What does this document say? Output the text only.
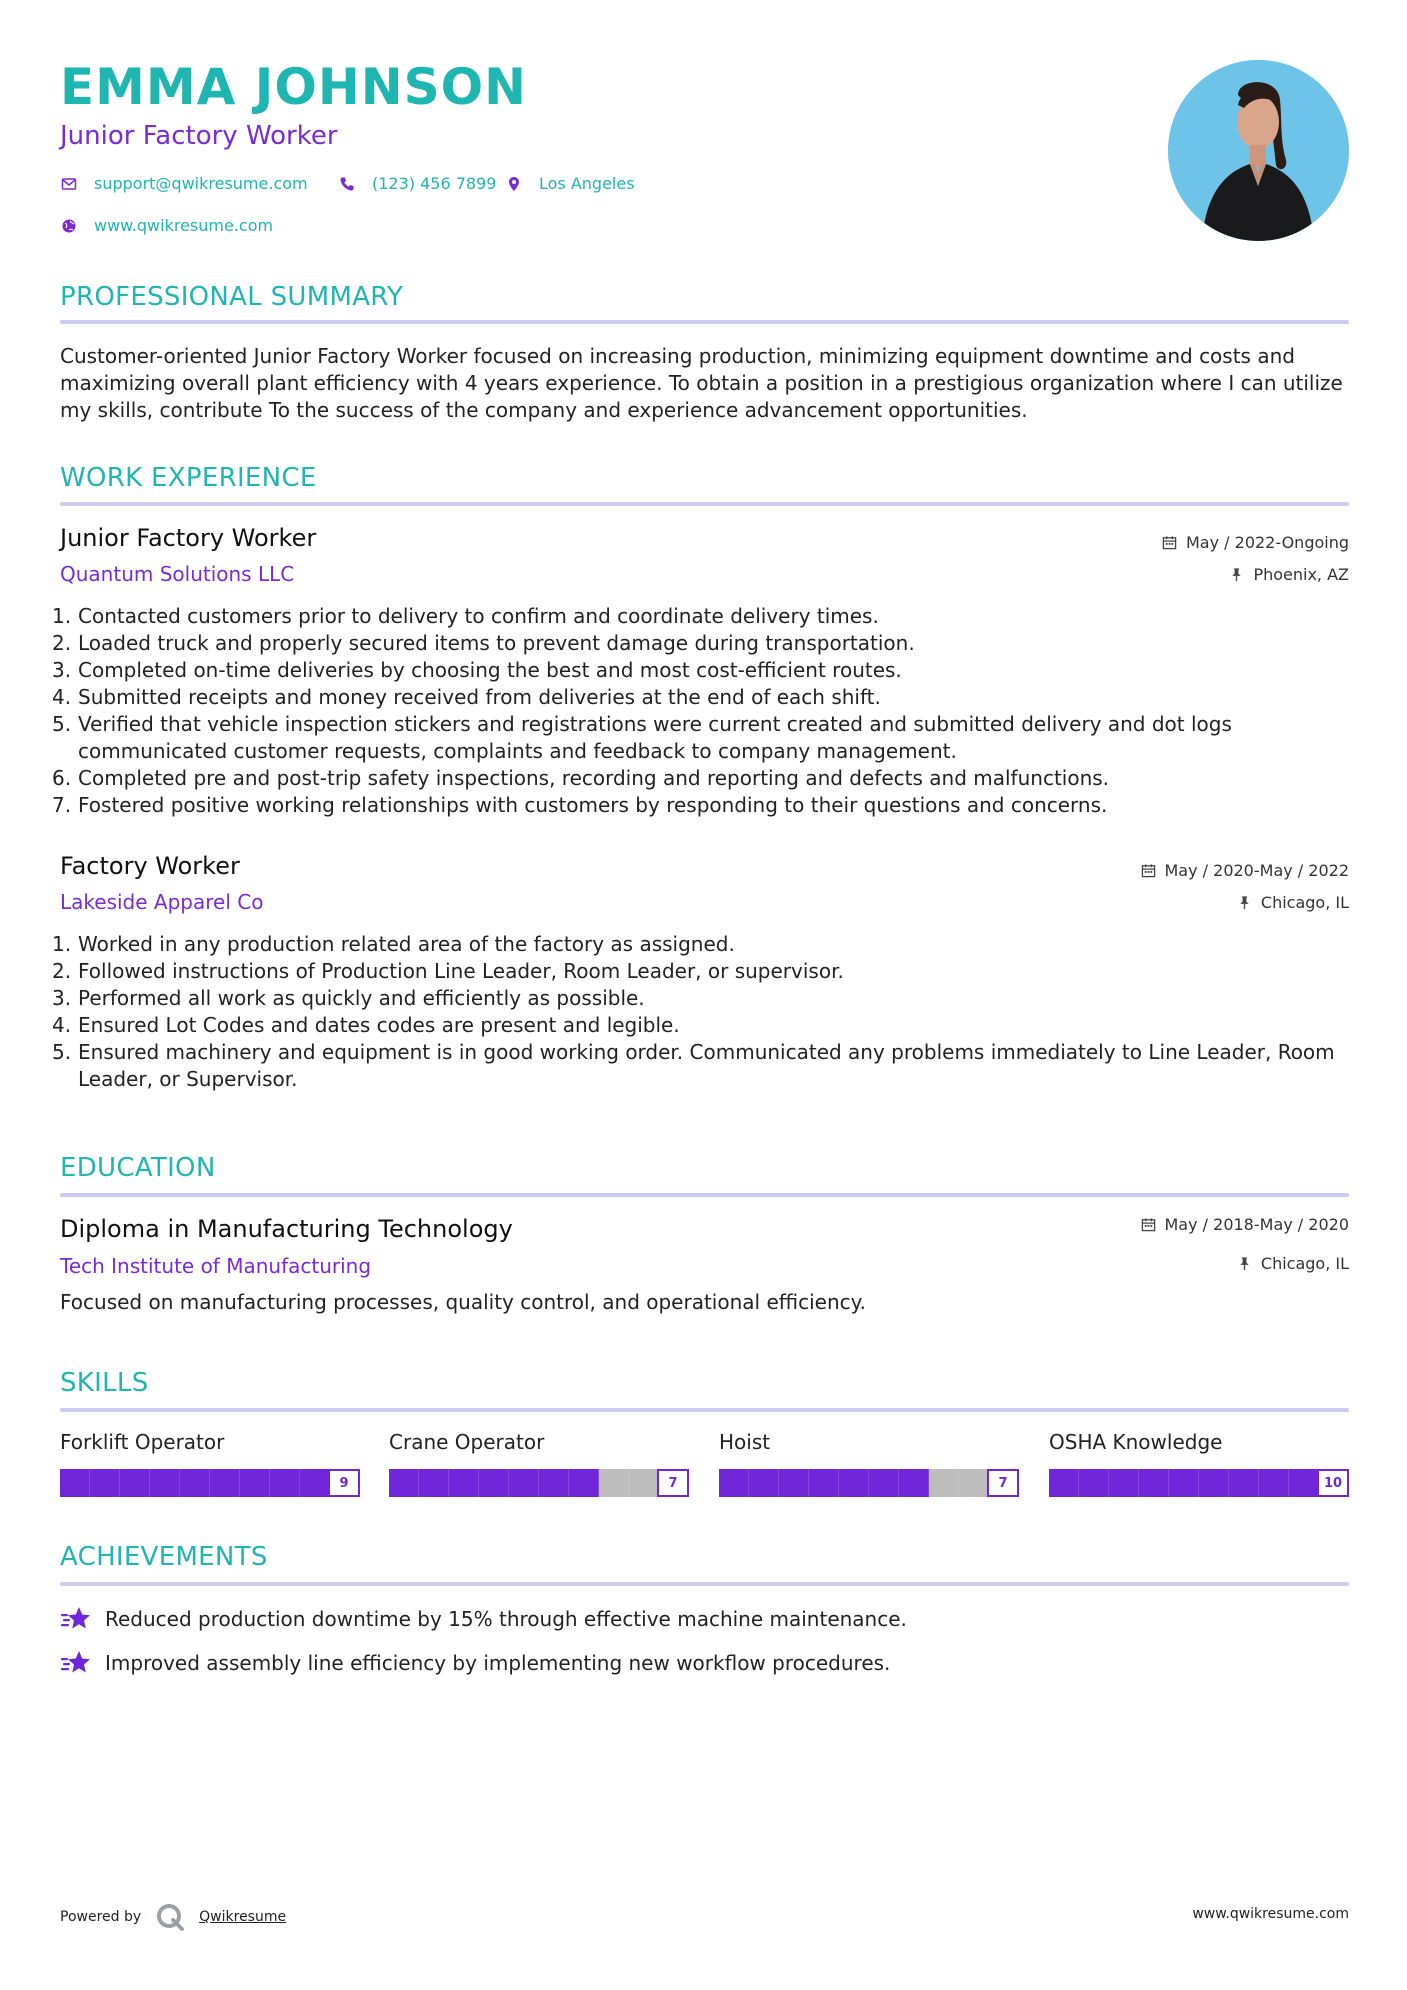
EMMA JOHNSON
Junior Factory Worker
support@qwikresume.com	(123) 456 7899	Los Angeles
www.qwikresume.com
PROFESSIONAL SUMMARY
Customer-oriented Junior Factory Worker focused on increasing production, minimizing equipment downtime and costs and maximizing overall plant efficiency with 4 years experience. To obtain a position in a prestigious organization where I can utilize my skills, contribute To the success of the company and experience advancement opportunities.
WORK EXPERIENCE
Junior Factory Worker
Quantum Solutions LLC
May / 2022-Ongoing
Phoenix, AZ
1. Contacted customers prior to delivery to confirm and coordinate delivery times.
2. Loaded truck and properly secured items to prevent damage during transportation.
3. Completed on-time deliveries by choosing the best and most cost-efficient routes.
4. Submitted receipts and money received from deliveries at the end of each shift.
5. Verified that vehicle inspection stickers and registrations were current created and submitted delivery and dot logs communicated customer requests, complaints and feedback to company management.
6. Completed pre and post-trip safety inspections, recording and reporting and defects and malfunctions.
7. Fostered positive working relationships with customers by responding to their questions and concerns.
Factory Worker
Lakeside Apparel Co
May / 2020-May / 2022
Chicago, IL
1. Worked in any production related area of the factory as assigned.
2. Followed instructions of Production Line Leader, Room Leader, or supervisor.
3. Performed all work as quickly and efficiently as possible.
4. Ensured Lot Codes and dates codes are present and legible.
5. Ensured machinery and equipment is in good working order. Communicated any problems immediately to Line Leader, Room Leader, or Supervisor.
EDUCATION
Diploma in Manufacturing Technology
Tech Institute of Manufacturing
May / 2018-May / 2020
Chicago, IL
Focused on manufacturing processes, quality control, and operational efficiency.
SKILLS
Forklift Operator
9
Crane Operator
7
Hoist
7
OSHA Knowledge
10
ACHIEVEMENTS
Reduced production downtime by 15% through effective machine maintenance.
Improved assembly line efficiency by implementing new workflow procedures.
Powered by	Qwikresume	www.qwikresume.com
